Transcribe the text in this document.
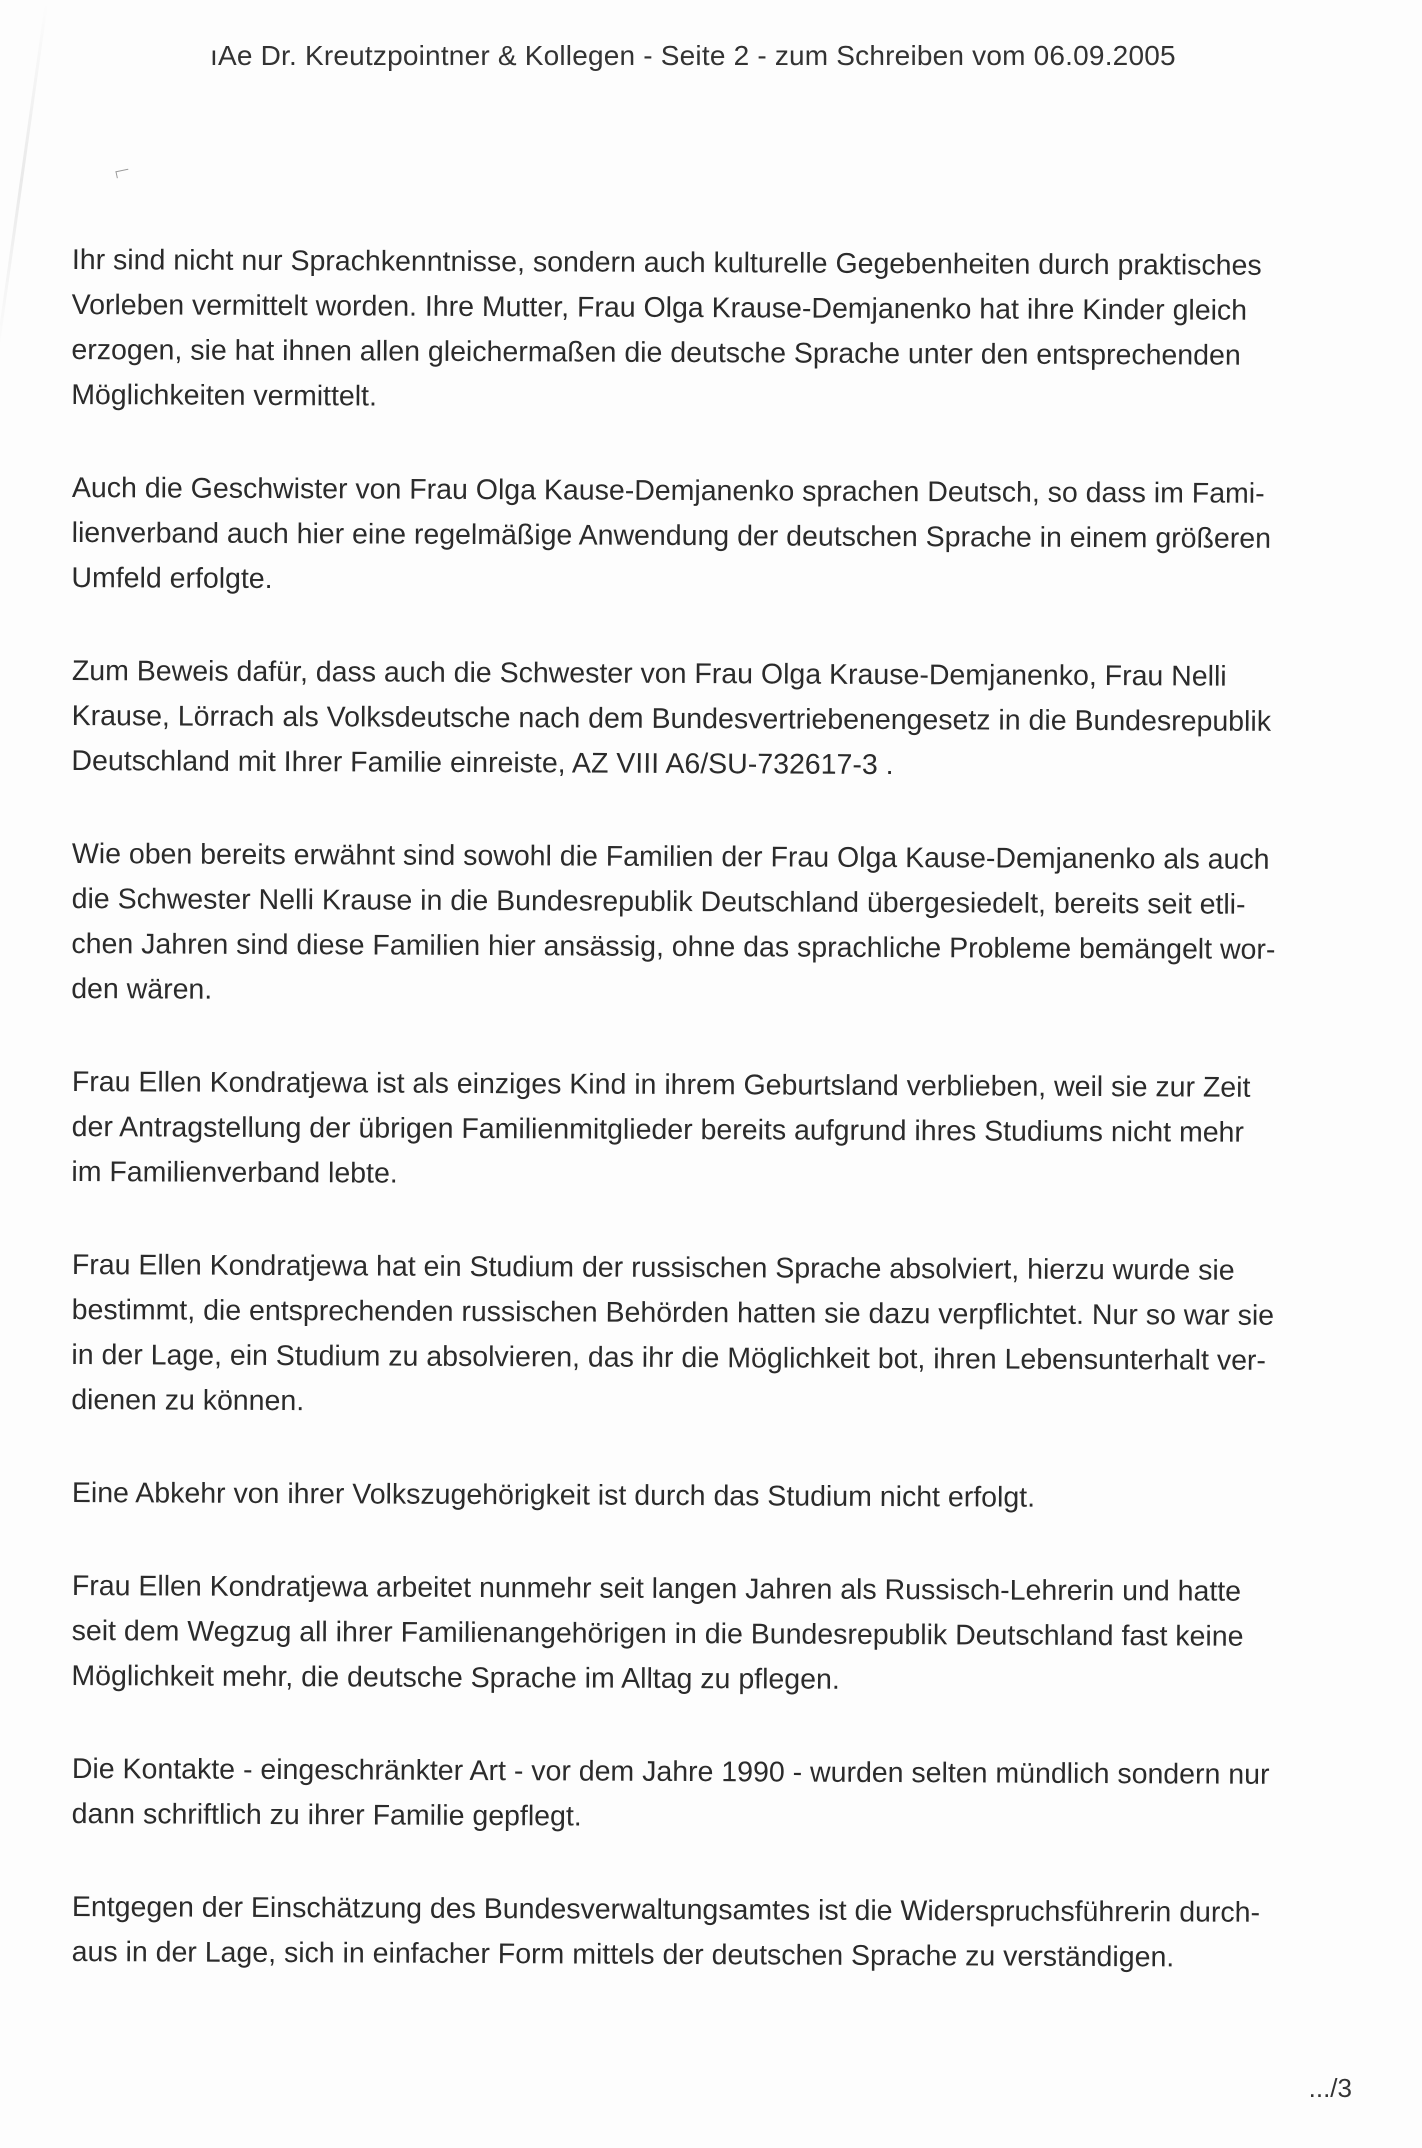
ıAe Dr. Kreutzpointner & Kollegen - Seite 2 - zum Schreiben vom 06.09.2005

Ihr sind nicht nur Sprachkenntnisse, sondern auch kulturelle Gegebenheiten durch praktisches
Vorleben vermittelt worden. Ihre Mutter, Frau Olga Krause-Demjanenko hat ihre Kinder gleich
erzogen, sie hat ihnen allen gleichermaßen die deutsche Sprache unter den entsprechenden
Möglichkeiten vermittelt.

Auch die Geschwister von Frau Olga Kause-Demjanenko sprachen Deutsch, so dass im Fami-
lienverband auch hier eine regelmäßige Anwendung der deutschen Sprache in einem größeren
Umfeld erfolgte.

Zum Beweis dafür, dass auch die Schwester von Frau Olga Krause-Demjanenko, Frau Nelli
Krause, Lörrach als Volksdeutsche nach dem Bundesvertriebenengesetz in die Bundesrepublik
Deutschland mit Ihrer Familie einreiste, AZ VIII A6/SU-732617-3 .

Wie oben bereits erwähnt sind sowohl die Familien der Frau Olga Kause-Demjanenko als auch
die Schwester Nelli Krause in die Bundesrepublik Deutschland übergesiedelt, bereits seit etli-
chen Jahren sind diese Familien hier ansässig, ohne das sprachliche Probleme bemängelt wor-
den wären.

Frau Ellen Kondratjewa ist als einziges Kind in ihrem Geburtsland verblieben, weil sie zur Zeit
der Antragstellung der übrigen Familienmitglieder bereits aufgrund ihres Studiums nicht mehr
im Familienverband lebte.

Frau Ellen Kondratjewa hat ein Studium der russischen Sprache absolviert, hierzu wurde sie
bestimmt, die entsprechenden russischen Behörden hatten sie dazu verpflichtet. Nur so war sie
in der Lage, ein Studium zu absolvieren, das ihr die Möglichkeit bot, ihren Lebensunterhalt ver-
dienen zu können.

Eine Abkehr von ihrer Volkszugehörigkeit ist durch das Studium nicht erfolgt.

Frau Ellen Kondratjewa arbeitet nunmehr seit langen Jahren als Russisch-Lehrerin und hatte
seit dem Wegzug all ihrer Familienangehörigen in die Bundesrepublik Deutschland fast keine
Möglichkeit mehr, die deutsche Sprache im Alltag zu pflegen.

Die Kontakte - eingeschränkter Art - vor dem Jahre 1990 - wurden selten mündlich sondern nur
dann schriftlich zu ihrer Familie gepflegt.

Entgegen der Einschätzung des Bundesverwaltungsamtes ist die Widerspruchsführerin durch-
aus in der Lage, sich in einfacher Form mittels der deutschen Sprache zu verständigen.

.../3
